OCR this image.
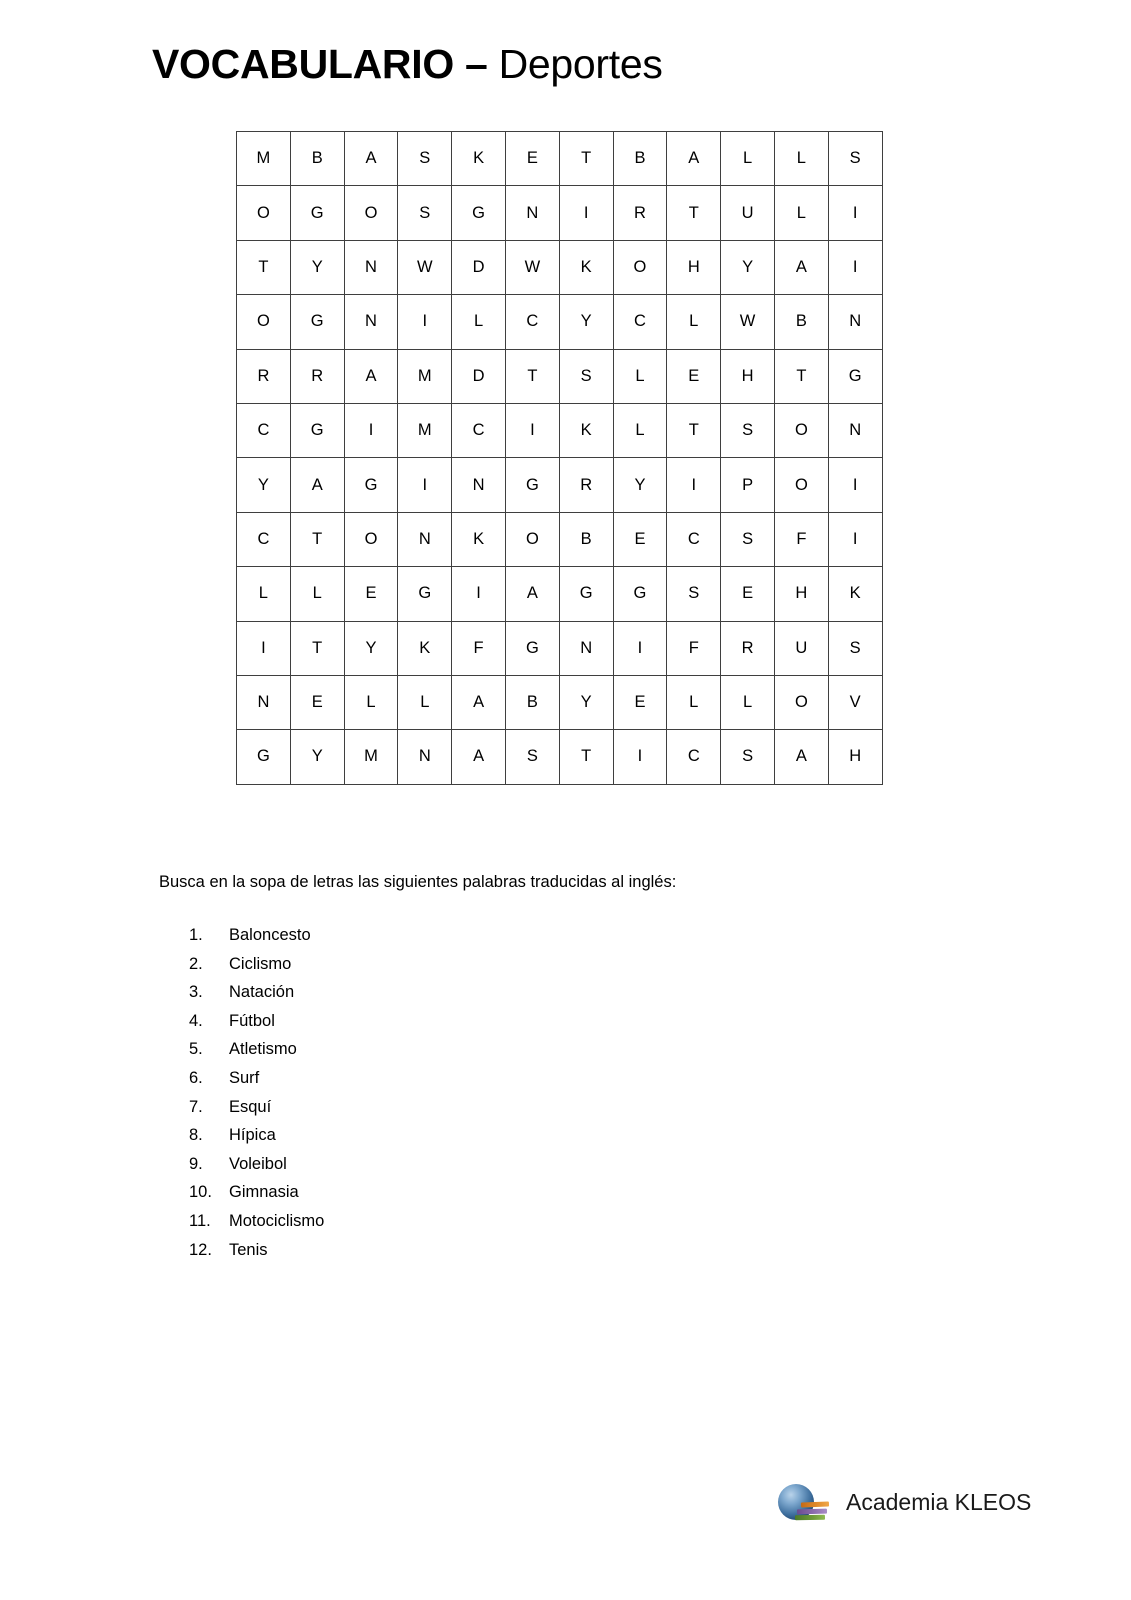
VOCABULARIO – Deportes
M	B	A	S	K	E	T	B	A	L	L	S
O	G	O	S	G	N	I	R	T	U	L	I
T	Y	N	W	D	W	K	O	H	Y	A	I
O	G	N	I	L	C	Y	C	L	W	B	N
R	R	A	M	D	T	S	L	E	H	T	G
C	G	I	M	C	I	K	L	T	S	O	N
Y	A	G	I	N	G	R	Y	I	P	O	I
C	T	O	N	K	O	B	E	C	S	F	I
L	L	E	G	I	A	G	G	S	E	H	K
I	T	Y	K	F	G	N	I	F	R	U	S
N	E	L	L	A	B	Y	E	L	L	O	V
G	Y	M	N	A	S	T	I	C	S	A	H
Busca en la sopa de letras las siguientes palabras traducidas al inglés:
1.	Baloncesto
2.	Ciclismo
3.	Natación
4.	Fútbol
5.	Atletismo
6.	Surf
7.	Esquí
8.	Hípica
9.	Voleibol
10.	Gimnasia
11.	Motociclismo
12.	Tenis
Academia KLEOS
